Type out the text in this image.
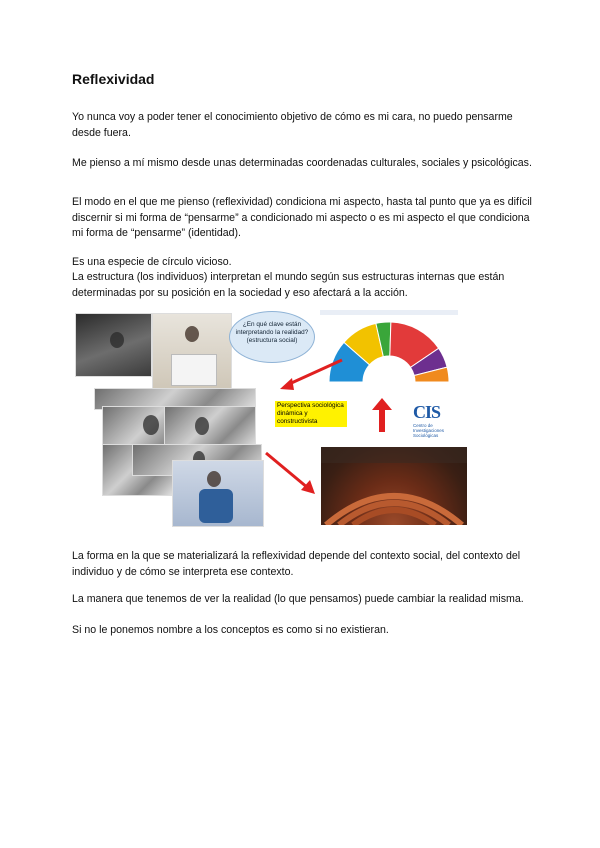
Reflexividad

Yo nunca voy a poder tener el conocimiento objetivo de cómo es mi cara, no puedo pensarme desde fuera.

Me pienso a mí mismo desde unas determinadas coordenadas culturales, sociales y psicológicas.

El modo en el que me pienso (reflexividad) condiciona mi aspecto, hasta tal punto que ya es difícil discernir si mi forma de “pensarme” a condicionado mi aspecto o es mi aspecto el que condiciona mi forma de “pensarme” (identidad).

Es una especie de círculo vicioso.

La estructura (los individuos) interpretan el mundo según sus estructuras internas que están determinadas por su posición en la sociedad y eso afectará a la acción.

¿En qué clave están interpretando la realidad? (estructura social)
Perspectiva sociológica dinámica y constructivista	CIS
Centro de Investigaciones Sociológicas

La forma en la que se materializará la reflexividad depende del contexto social, del contexto del individuo y de cómo se interpreta ese contexto.

La manera que tenemos de ver la realidad (lo que pensamos) puede cambiar la realidad misma.

Si no le ponemos nombre a los conceptos es como si no existieran.
